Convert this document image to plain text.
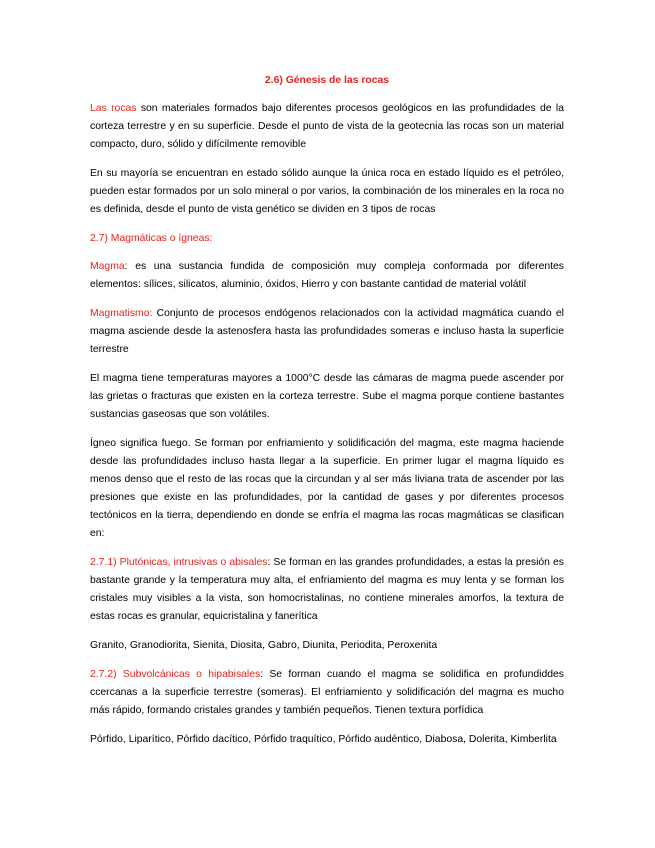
2.6) Génesis de las rocas

Las rocas son materiales formados bajo diferentes procesos geológicos en las profundidades de la corteza terrestre y en su superficie. Desde el punto de vista de la geotecnia las rocas son un material compacto, duro, sólido y difícilmente removible

En su mayoría se encuentran en estado sólido aunque la única roca en estado líquido es el petróleo, pueden estar formados por un solo mineral o por varios, la combinación de los minerales en la roca no es definida, desde el punto de vista genético se dividen en 3 tipos de rocas

2.7) Magmáticas o ígneas:

Magma: es una sustancia fundida de composición muy compleja conformada por diferentes elementos: sílices, silicatos, aluminio, óxidos, Hierro y con bastante cantidad de material volátil

Magmatismo: Conjunto de procesos endógenos relacionados con la actividad magmática cuando el magma asciende desde la astenosfera hasta las profundidades someras e incluso hasta la superficie terrestre

El magma tiene temperaturas mayores a 1000°C desde las cámaras de magma puede ascender por las grietas o fracturas que existen en la corteza terrestre. Sube el magma porque contiene bastantes sustancias gaseosas que son volátiles.

Ígneo significa fuego. Se forman por enfriamiento y solidificación del magma, este magma haciende desde las profundidades incluso hasta llegar a la superficie. En primer lugar el magma líquido es menos denso que el resto de las rocas que la circundan y al ser más liviana trata de ascender por las presiones que existe en las profundidades, por la cantidad de gases y por diferentes procesos tectónicos en la tierra, dependiendo en donde se enfría el magma las rocas magmáticas se clasifican en:

2.7.1) Plutónicas, intrusivas o abisales: Se forman en las grandes profundidades, a estas la presión es bastante grande y la temperatura muy alta, el enfriamiento del magma es muy lenta y se forman los cristales muy visibles a la vista, son homocristalinas, no contiene minerales amorfos, la textura de estas rocas es granular, equicristalina y fanerítica

Granito, Granodiorita, Sienita, Diosita, Gabro, Diunita, Periodita, Peroxenita

2.7.2) Subvolcánicas o hipabisales: Se forman cuando el magma se solidifica en profundiddes ccercanas a la superficie terrestre (someras). El enfriamiento y solidificación del magma es mucho más rápido, formando cristales grandes y también pequeños. Tienen textura porfídica

Pórfido, Liparítico, Pórfido dacítico, Pórfido traquítico, Pórfido audéntico, Diabosa, Dolerita, Kimberlita
